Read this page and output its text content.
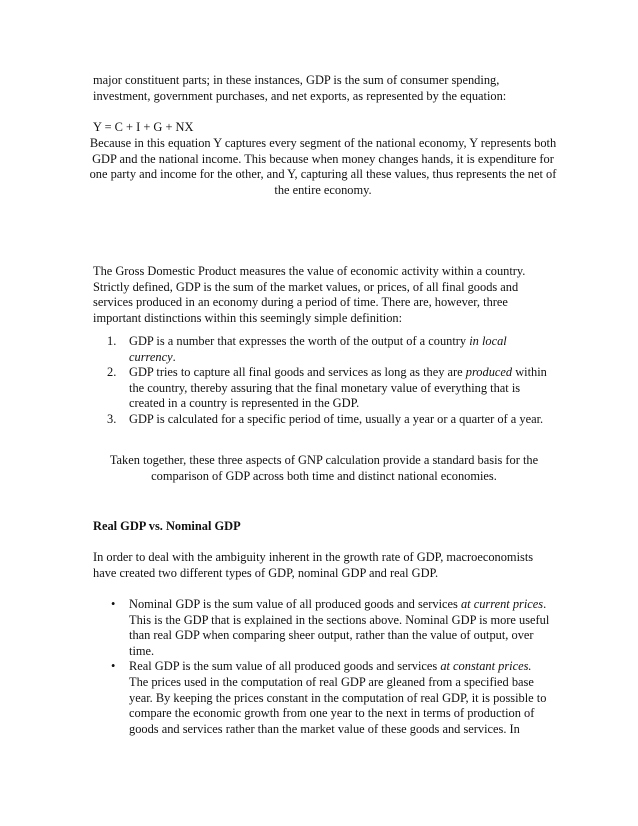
major constituent parts; in these instances, GDP is the sum of consumer spending,

investment, government purchases, and net exports, as represented by the equation:

Y = C + I + G + NX

Because in this equation Y captures every segment of the national economy, Y represents both GDP and the national income. This because when money changes hands, it is expenditure for one party and income for the other, and Y, capturing all these values, thus represents the net of the entire economy.

The Gross Domestic Product measures the value of economic activity within a country. Strictly defined, GDP is the sum of the market values, or prices, of all final goods and services produced in an economy during a period of time. There are, however, three important distinctions within this seemingly simple definition:

1. GDP is a number that expresses the worth of the output of a country in local currency.
2. GDP tries to capture all final goods and services as long as they are produced within the country, thereby assuring that the final monetary value of everything that is created in a country is represented in the GDP.
3. GDP is calculated for a specific period of time, usually a year or a quarter of a year.

Taken together, these three aspects of GNP calculation provide a standard basis for the comparison of GDP across both time and distinct national economies.

Real GDP vs. Nominal GDP

In order to deal with the ambiguity inherent in the growth rate of GDP, macroeconomists have created two different types of GDP, nominal GDP and real GDP.

• Nominal GDP is the sum value of all produced goods and services at current prices. This is the GDP that is explained in the sections above. Nominal GDP is more useful than real GDP when comparing sheer output, rather than the value of output, over time.
• Real GDP is the sum value of all produced goods and services at constant prices. The prices used in the computation of real GDP are gleaned from a specified base year. By keeping the prices constant in the computation of real GDP, it is possible to compare the economic growth from one year to the next in terms of production of goods and services rather than the market value of these goods and services. In
